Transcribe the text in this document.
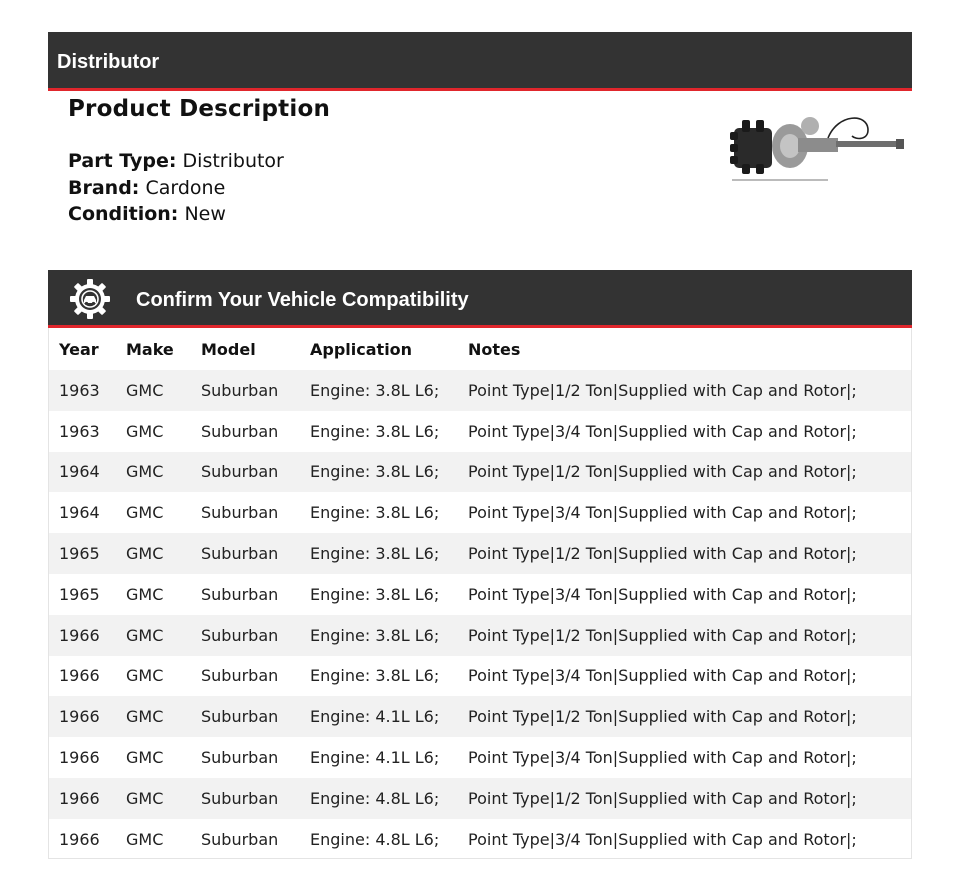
Distributor
Product Description
Part Type: Distributor
Brand: Cardone
Condition: New
Confirm Your Vehicle Compatibility
Year	Make	Model	Application	Notes
1963	GMC	Suburban	Engine: 3.8L L6;	Point Type|1/2 Ton|Supplied with Cap and Rotor|;
1963	GMC	Suburban	Engine: 3.8L L6;	Point Type|3/4 Ton|Supplied with Cap and Rotor|;
1964	GMC	Suburban	Engine: 3.8L L6;	Point Type|1/2 Ton|Supplied with Cap and Rotor|;
1964	GMC	Suburban	Engine: 3.8L L6;	Point Type|3/4 Ton|Supplied with Cap and Rotor|;
1965	GMC	Suburban	Engine: 3.8L L6;	Point Type|1/2 Ton|Supplied with Cap and Rotor|;
1965	GMC	Suburban	Engine: 3.8L L6;	Point Type|3/4 Ton|Supplied with Cap and Rotor|;
1966	GMC	Suburban	Engine: 3.8L L6;	Point Type|1/2 Ton|Supplied with Cap and Rotor|;
1966	GMC	Suburban	Engine: 3.8L L6;	Point Type|3/4 Ton|Supplied with Cap and Rotor|;
1966	GMC	Suburban	Engine: 4.1L L6;	Point Type|1/2 Ton|Supplied with Cap and Rotor|;
1966	GMC	Suburban	Engine: 4.1L L6;	Point Type|3/4 Ton|Supplied with Cap and Rotor|;
1966	GMC	Suburban	Engine: 4.8L L6;	Point Type|1/2 Ton|Supplied with Cap and Rotor|;
1966	GMC	Suburban	Engine: 4.8L L6;	Point Type|3/4 Ton|Supplied with Cap and Rotor|;
